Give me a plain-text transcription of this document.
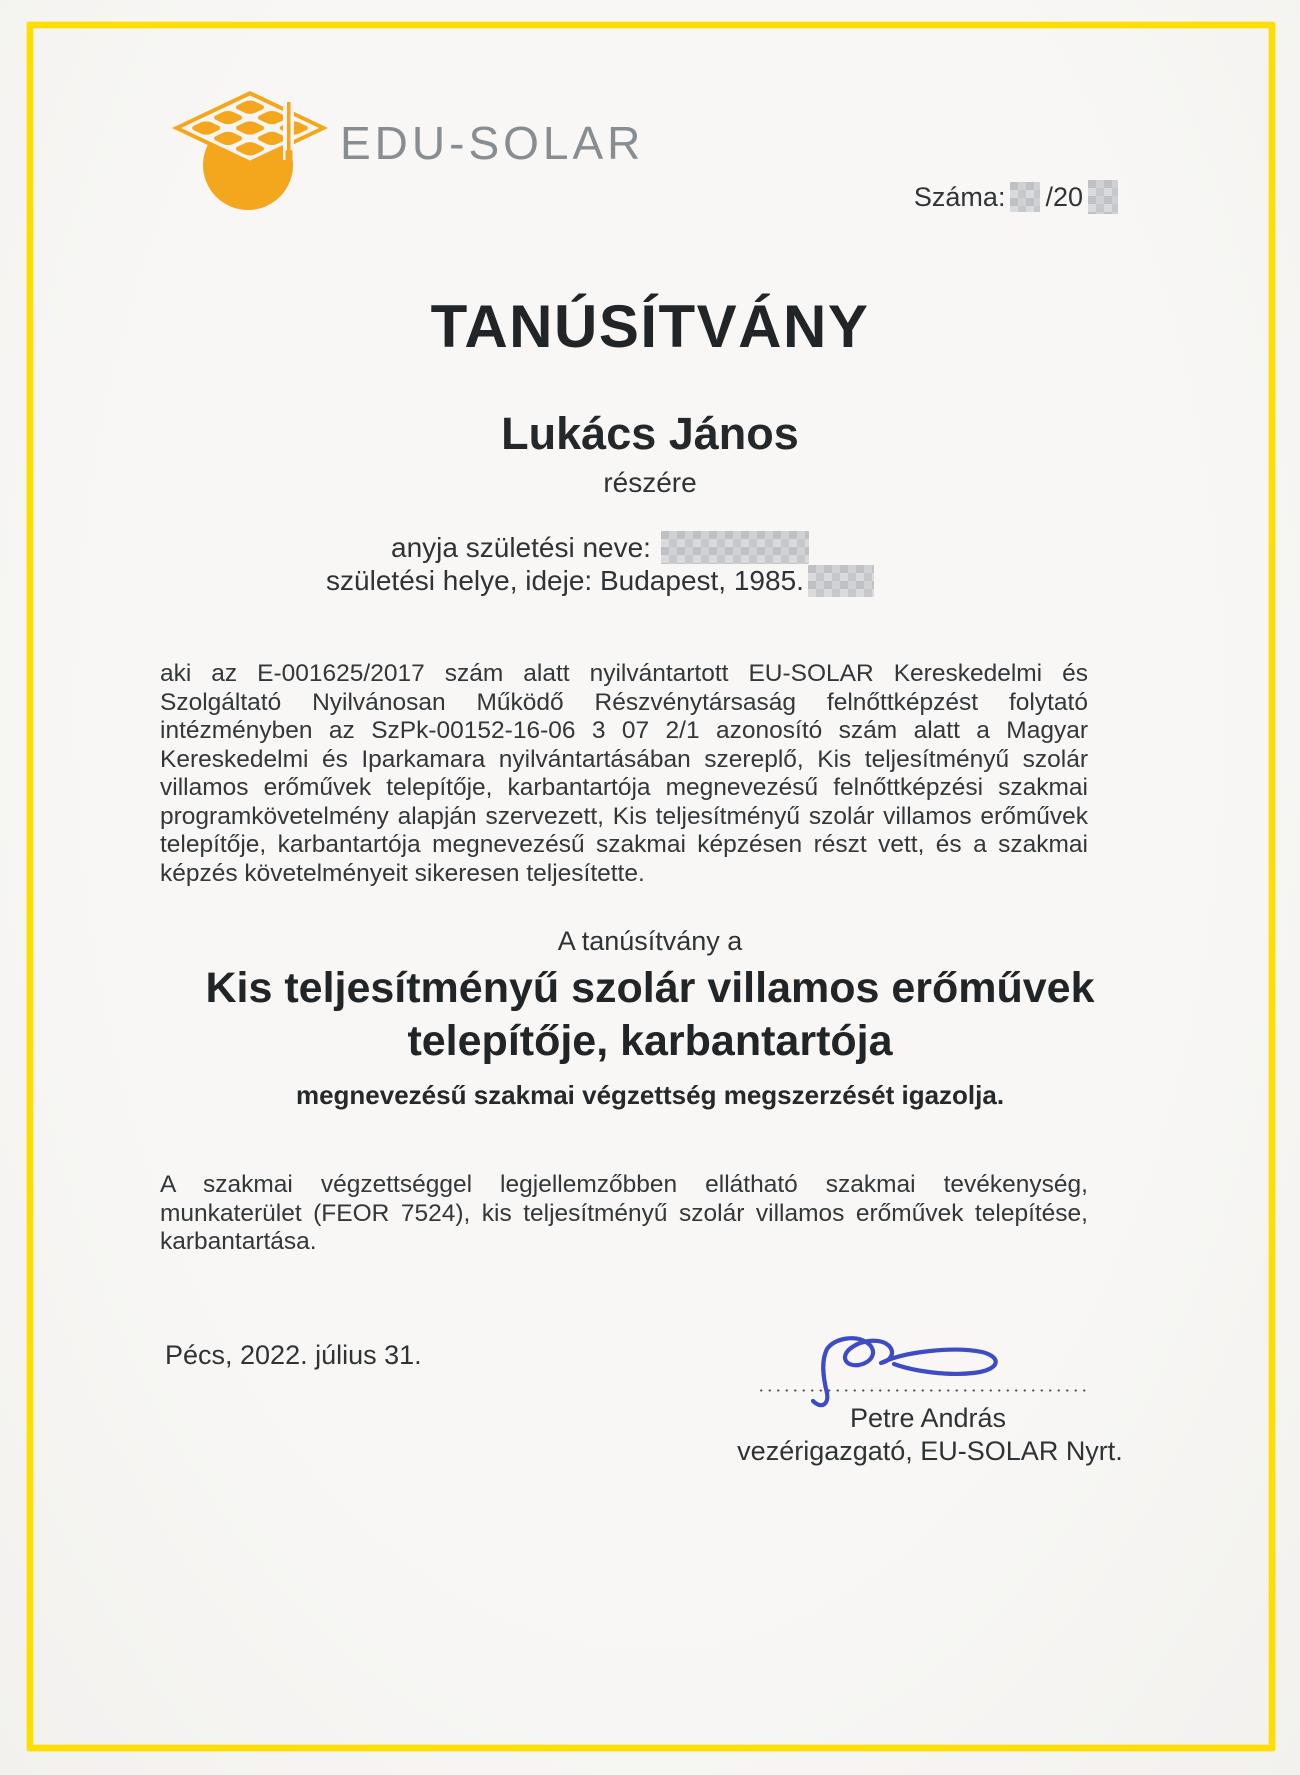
EDU-SOLAR
Száma: /20
TANÚSÍTVÁNY
Lukács János
részére
anyja születési neve:
születési helye, ideje:
Budapest, 1985.
aki az E-001625/2017 szám alatt nyilvántartott EU-SOLAR Kereskedelmi és Szolgáltató Nyilvánosan Működő Részvénytársaság felnőttképzést folytató intézményben az SzPk-00152-16-06 3 07 2/1 azonosító szám alatt a Magyar Kereskedelmi és Iparkamara nyilvántartásában szereplő, Kis teljesítményű szolár villamos erőművek telepítője, karbantartója megnevezésű felnőttképzési szakmai programkövetelmény alapján szervezett, Kis teljesítményű szolár villamos erőművek telepítője, karbantartója megnevezésű szakmai képzésen részt vett, és a szakmai képzés követelményeit sikeresen teljesítette.
A tanúsítvány a
Kis teljesítményű szolár villamos erőművek
telepítője, karbantartója
megnevezésű szakmai végzettség megszerzését igazolja.
A szakmai végzettséggel legjellemzőbben ellátható szakmai tevékenység, munkaterület (FEOR 7524), kis teljesítményű szolár villamos erőművek telepítése, karbantartása.
Pécs, 2022. július 31.
Petre András
vezérigazgató, EU-SOLAR Nyrt.
